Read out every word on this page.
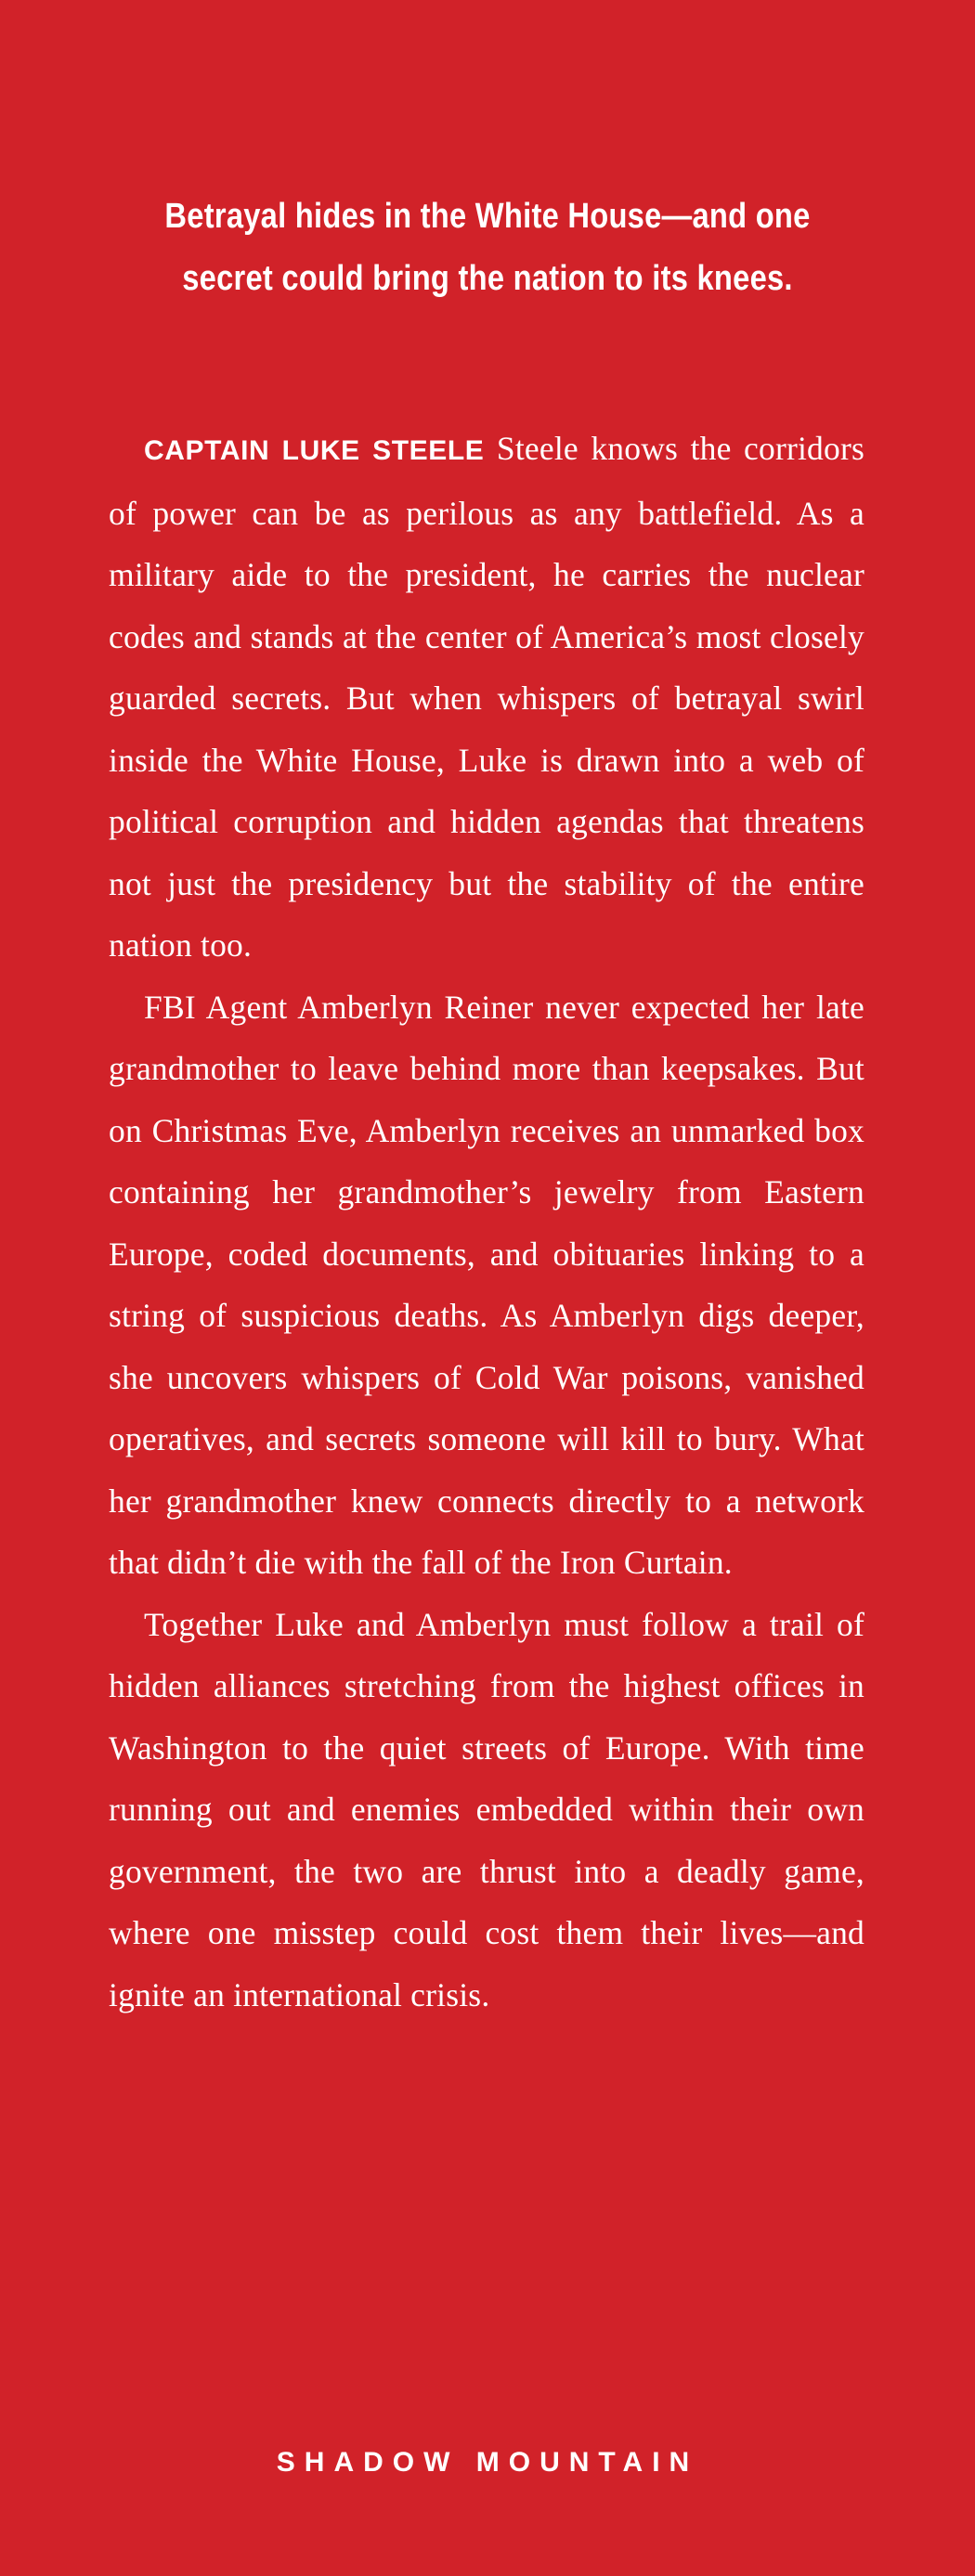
Betrayal hides in the White House—and one
secret could bring the nation to its knees.

CAPTAIN LUKE STEELE Steele knows the corridors of power can be as perilous as any battlefield. As a military aide to the president, he carries the nuclear codes and stands at the center of America’s most closely guarded secrets. But when whispers of betrayal swirl inside the White House, Luke is drawn into a web of political corruption and hidden agendas that threatens not just the presidency but the stability of the entire nation too.

FBI Agent Amberlyn Reiner never expected her late grandmother to leave behind more than keepsakes. But on Christmas Eve, Amberlyn receives an unmarked box containing her grandmother’s jewelry from Eastern Europe, coded documents, and obituaries linking to a string of suspicious deaths. As Amberlyn digs deeper, she uncovers whispers of Cold War poisons, vanished operatives, and secrets someone will kill to bury. What her grandmother knew connects directly to a network that didn’t die with the fall of the Iron Curtain.

Together Luke and Amberlyn must follow a trail of hidden alliances stretching from the highest offices in Washington to the quiet streets of Europe. With time running out and enemies embedded within their own government, the two are thrust into a deadly game, where one misstep could cost them their lives—and ignite an international crisis.

SHADOW MOUNTAIN
